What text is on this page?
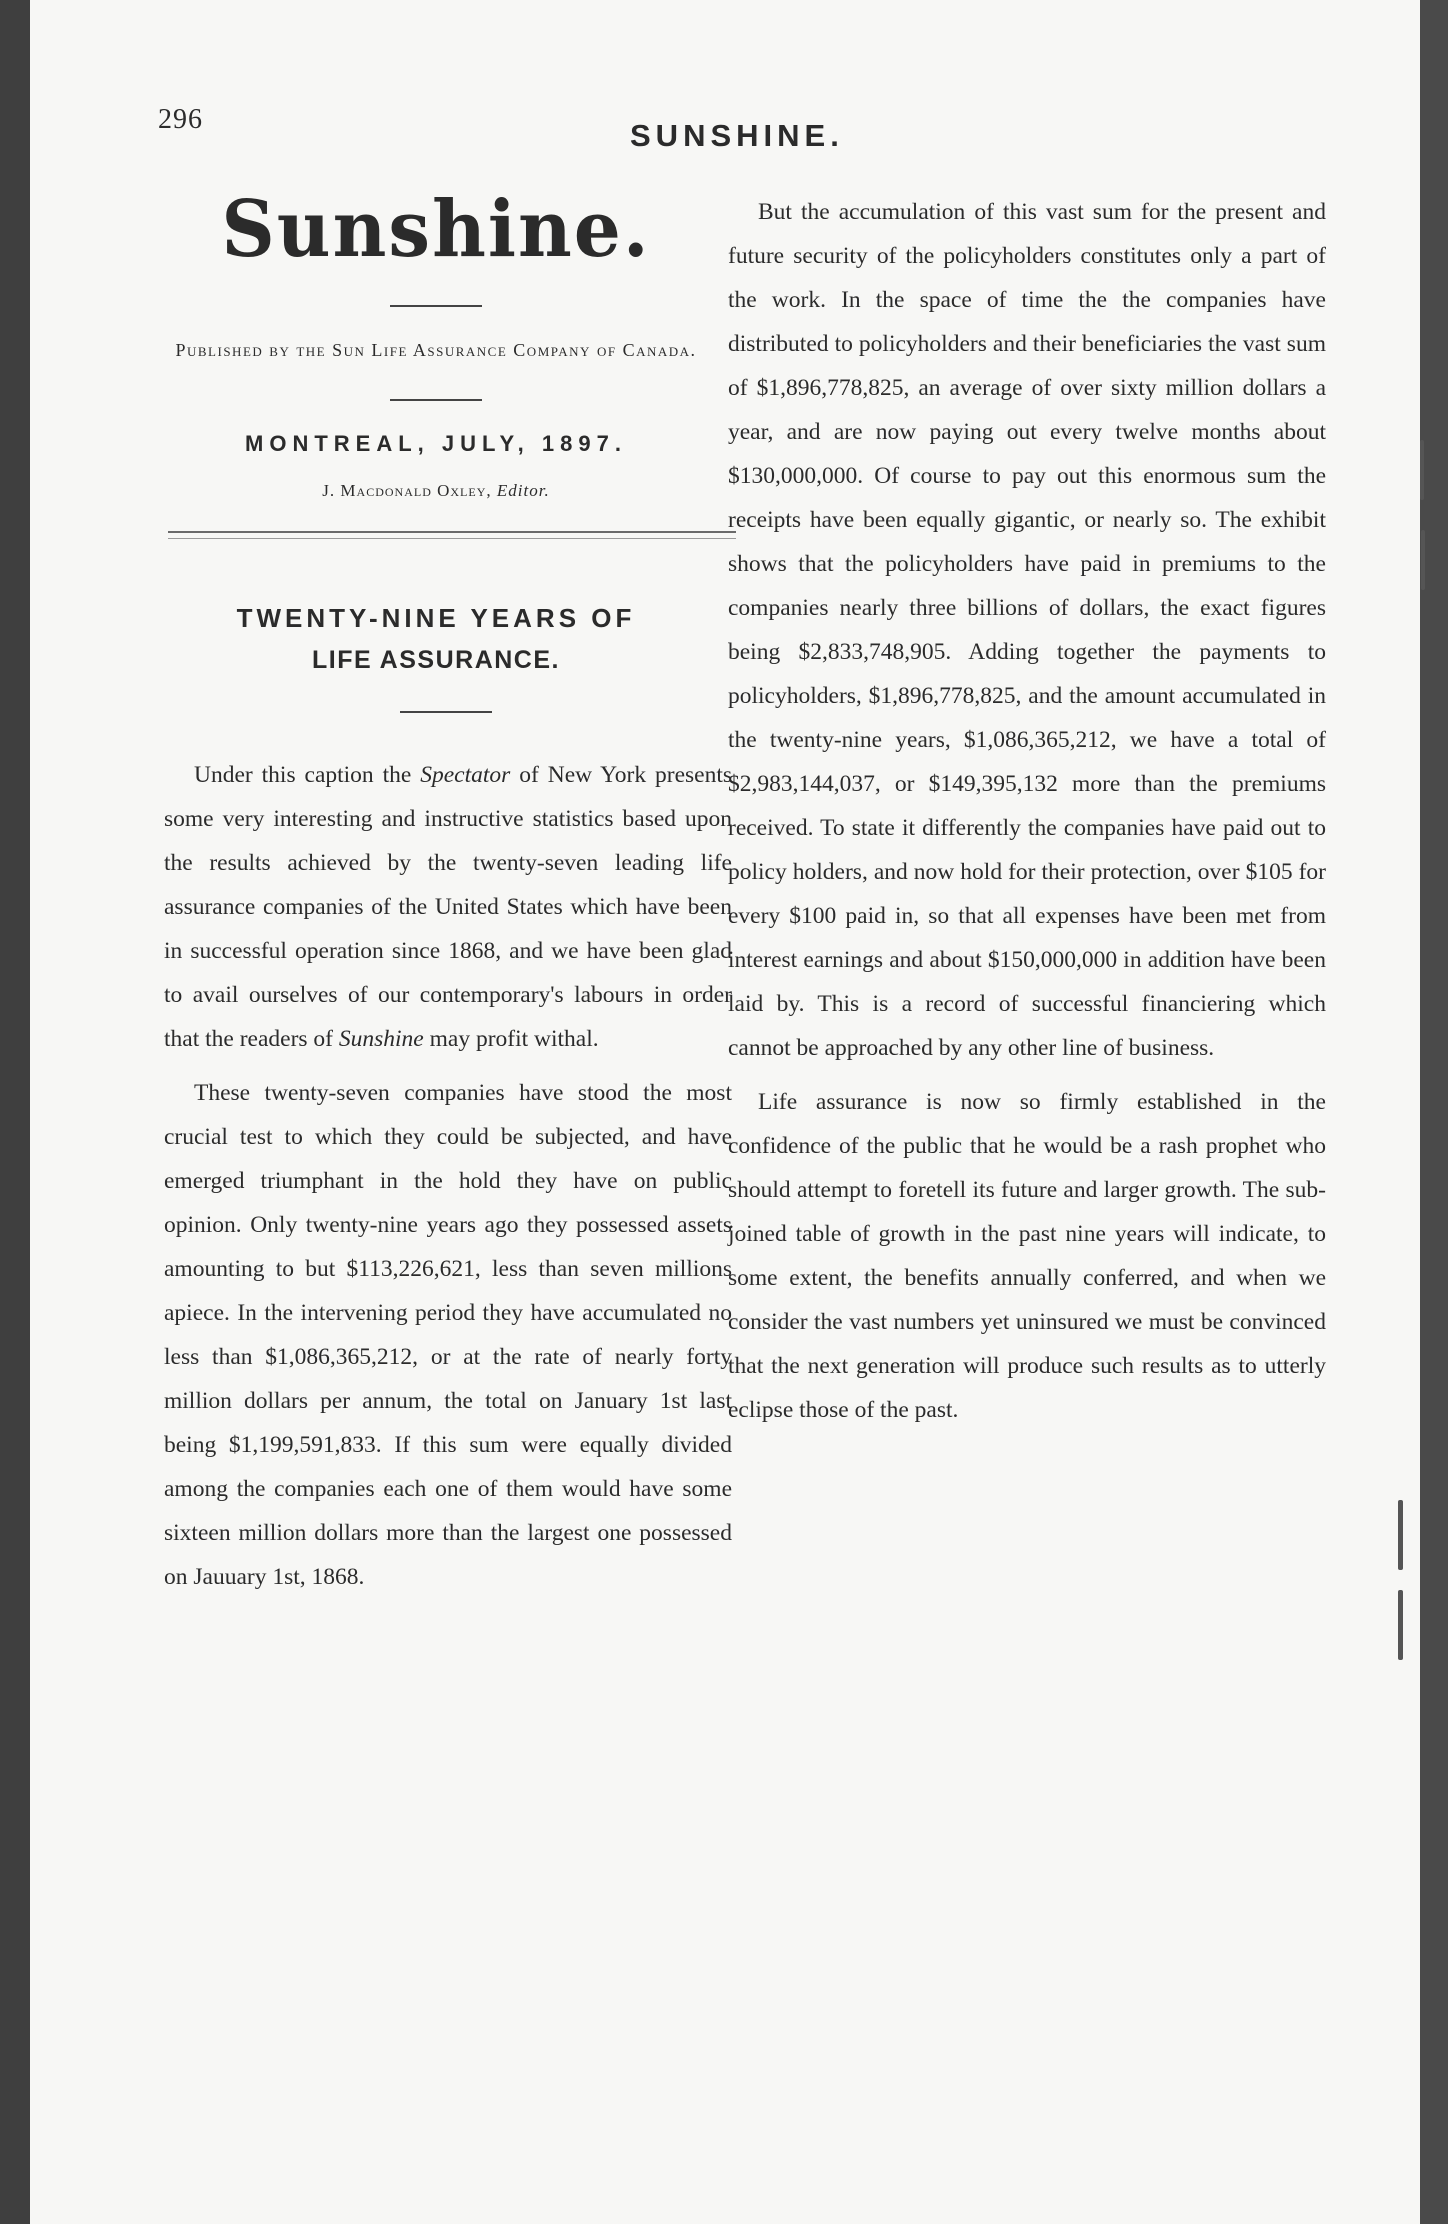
296	SUNSHINE.
Sunshine.
Published by the Sun Life Assurance Company of Canada.
MONTREAL, JULY, 1897.
J. Macdonald Oxley, Editor.
TWENTY-NINE YEARS OF
LIFE ASSURANCE.

Under this caption the Spectator of New York presents some very interesting and instructive statistics based upon the results achieved by the twenty-seven leading life assurance companies of the United States which have been in successful operation since 1868, and we have been glad to avail ourselves of our contemporary's labours in order that the readers of Sunshine may profit withal.

These twenty-seven companies have stood the most crucial test to which they could be subjected, and have emerged triumphant in the hold they have on public opinion. Only twenty-nine years ago they possessed assets amounting to but $113,226,621, less than seven millions apiece. In the intervening period they have accumulated no less than $1,086,365,212, or at the rate of nearly forty million dollars per annum, the total on January 1st last being $1,199,591,833. If this sum were equally divided among the companies each one of them would have some sixteen million dollars more than the largest one possessed on Jauuary 1st, 1868.

But the accumulation of this vast sum for the present and future security of the policyholders constitutes only a part of the work. In the space of time the the companies have distributed to policyholders and their beneficiaries the vast sum of $1,896,778,825, an average of over sixty million dollars a year, and are now paying out every twelve months about $130,000,000. Of course to pay out this enormous sum the receipts have been equally gigantic, or nearly so. The exhibit shows that the policyholders have paid in premiums to the companies nearly three billions of dollars, the exact figures being $2,833,748,905. Adding together the payments to policyholders, $1,896,778,825, and the amount accumulated in the twenty-nine years, $1,086,365,212, we have a total of $2,983,144,037, or $149,395,132 more than the premiums received. To state it differently the companies have paid out to policy holders, and now hold for their protection, over $105 for every $100 paid in, so that all expenses have been met from interest earnings and about $150,000,000 in addition have been laid by. This is a record of successful financiering which cannot be approached by any other line of business.

Life assurance is now so firmly established in the confidence of the public that he would be a rash prophet who should attempt to foretell its future and larger growth. The sub-joined table of growth in the past nine years will indicate, to some extent, the benefits annually conferred, and when we consider the vast numbers yet uninsured we must be convinced that the next generation will produce such results as to utterly eclipse those of the past.
